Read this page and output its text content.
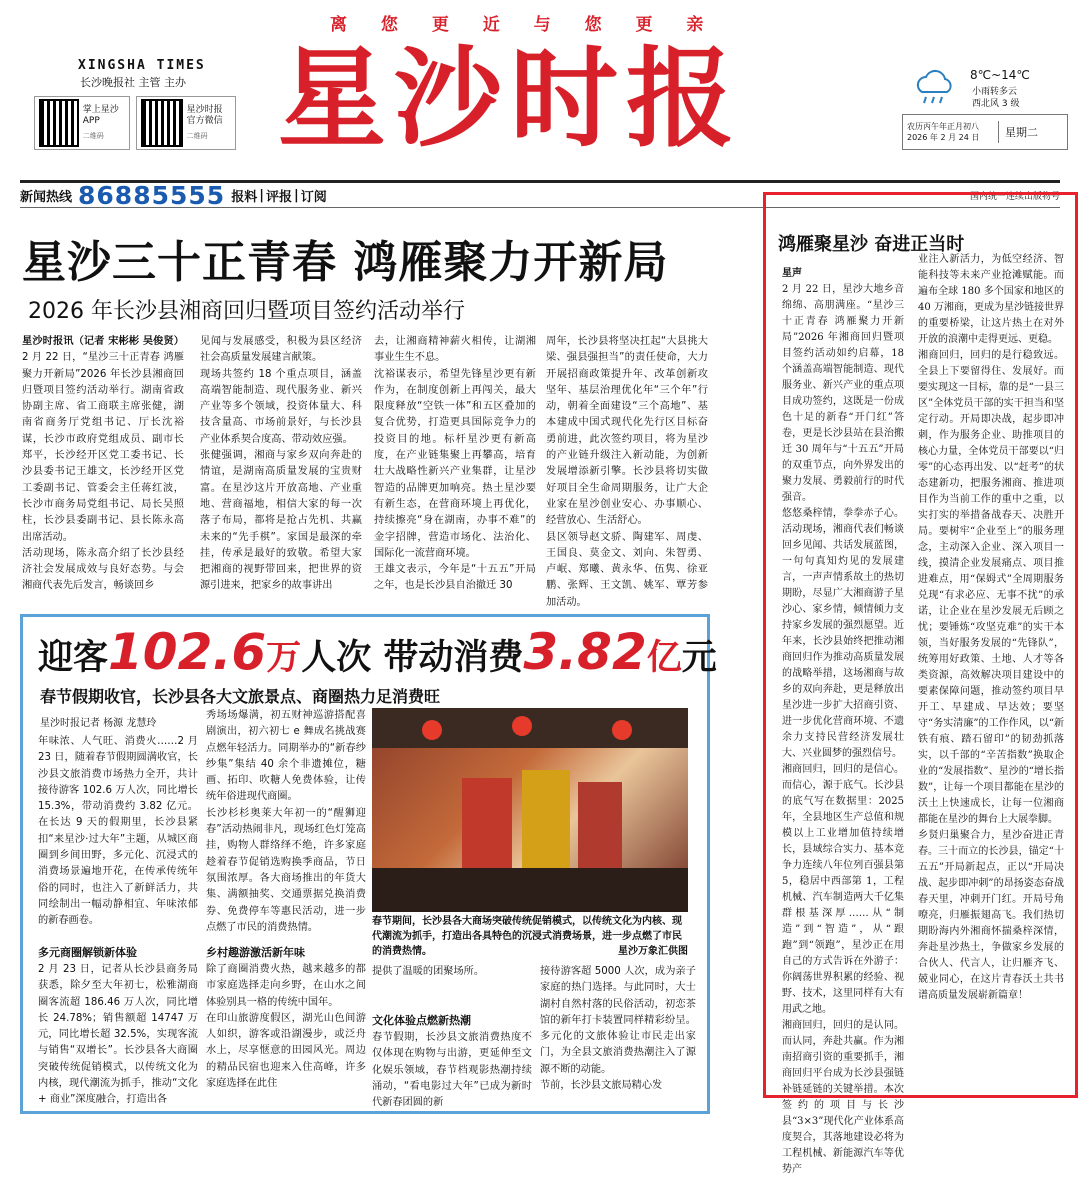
离 您 更 近 与 您 更 亲
XINGSHA TIMES
长沙晚报社 主管 主办
掌上星沙 APP
二维码
星沙时报 官方微信
二维码 星沙时报	8℃~14℃
小雨转多云
西北风 3 级
农历丙午年正月初八
2026 年 2 月 24 日	星期二
新闻热线 86885555 报料 | 评报 | 订阅	国内统一连续出版物号
星沙三十正青春 鸿雁聚力开新局
2026 年长沙县湘商回归暨项目签约活动举行
星沙时报讯（记者 宋彬彬 吴俊贤）2 月 22 日，“星沙三十正青春 鸿雁聚力开新局”2026 年长沙县湘商回归暨项目签约活动举行。湖南省政协副主席、省工商联主席张健，湖南省商务厅党组书记、厅长沈裕谋，长沙市政府党组成员、副市长郑平，长沙经开区党工委书记、长沙县委书记王雄文，长沙经开区党工委副书记、管委会主任蒋红波，长沙市商务局党组书记、局长吴照柱，长沙县委副书记、县长陈永高出席活动。
活动现场，陈永高介绍了长沙县经济社会发展成效与良好态势。与会湘商代表先后发言，畅谈回乡
见闻与发展感受，积极为县区经济社会高质量发展建言献策。
现场共签约 18 个重点项目，涵盖高端智能制造、现代服务业、新兴产业等多个领域，投资体量大、科技含量高、市场前景好，与长沙县产业体系契合度高、带动效应强。
张健强调，湘商与家乡双向奔赴的情谊，是湖南高质量发展的宝贵财富。在星沙这片开放高地、产业重地、营商福地，相信大家的每一次落子布局，都将是抢占先机、共赢未来的“先手棋”。家国是最深的牵挂，传承是最好的致敬。希望大家把湘商的视野带回来，把世界的资源引进来，把家乡的故事讲出
去，让湘商精神薪火相传，让湖湘事业生生不息。
沈裕谋表示，希望先锋星沙更有新作为，在制度创新上再闯关，最大限度释放“空铁一体”和五区叠加的复合优势，打造更具国际竞争力的投资目的地。标杆星沙更有新高度，在产业链集聚上再攀高，培育壮大战略性新兴产业集群，让星沙智造的品牌更加响亮。热土星沙要有新生态，在营商环境上再优化，持续擦亮“身在湖南，办事不难”的金字招牌，营造市场化、法治化、国际化一流营商环境。
王雄文表示，今年是“十五五”开局之年，也是长沙县自治撤迁 30
周年，长沙县将坚决扛起“大县挑大梁、强县强担当”的责任使命，大力开展招商政策提升年、改革创新攻坚年、基层治理优化年“三个年”行动，朝着全面建设“三个高地”、基本建成中国式现代化先行区目标奋勇前进，此次签约项目，将为星沙的产业链升级注入新动能，为创新发展增添新引擎。长沙县将切实做好项目全生命周期服务，让广大企业家在星沙创业安心、办事顺心、经营放心、生活舒心。
县区领导赵文骄、陶建军、周虔、王国良、莫金文、刘向、朱智勇、卢岷、郑曦、黄永华、伍隽、徐亚鹏、张辉、王文凯、姚军、覃芳参加活动。
迎客102.6万人次 带动消费3.82亿元
春节假期收官，长沙县各大文旅景点、商圈热力足消费旺
星沙时报记者 杨源 龙慧玲
年味浓、人气旺、消费火……2 月 23 日，随着春节假期圆满收官，长沙县文旅消费市场热力全开，共计接待游客 102.6 万人次，同比增长 15.3%，带动消费约 3.82 亿元。在长达 9 天的假期里，长沙县紧扣“来星沙·过大年”主题，从城区商圈到乡间田野，多元化、沉浸式的消费场景遍地开花，在传承传统年俗的同时，也注入了新鲜活力，共同绘制出一幅动静相宜、年味浓郁的新春画卷。
多元商圈解锁新体验
2 月 23 日，记者从长沙县商务局获悉，除夕至大年初七，松雅湖商圈客流超 186.46 万人次，同比增长 24.78%；销售额超 14747 万元，同比增长超 32.5%，实现客流与销售“双增长”。长沙县各大商圈突破传统促销模式，以传统文化为内核，现代潮流为抓手，推动“文化 + 商业”深度融合，打造出各
秀场场爆满，初五财神巡游搭配喜剧演出，初六初七 e 舞成名挑战赛点燃年轻活力。同期举办的“新春纱纱集”集结 40 余个非遗摊位，糖画、拓印、吹糖人免费体验，让传统年俗进现代商圈。
长沙杉杉奥莱大年初一的“醒狮迎春”活动热闹非凡，现场红色灯笼高挂，购物人群络绎不绝，许多家庭趁着春节促销选购换季商品，节日氛围浓厚。各大商场推出的年货大集、满额抽奖、交通票据兑换消费券、免费停车等惠民活动，进一步点燃了市民的消费热情。
乡村趣游激活新年味
除了商圈消费火热，越来越多的都市家庭选择走向乡野，在山水之间体验别具一格的传统中国年。
在印山旅游度假区，湖光山色间游人如织，游客或沿湖漫步，或泛舟水上，尽享惬意的田园风光。周边的精品民宿也迎来入住高峰，许多家庭选择在此住
春节期间，长沙县各大商场突破传统促销模式，以传统文化为内核、现代潮流为抓手，打造出各具特色的沉浸式消费场景，进一步点燃了市民的消费热情。	星沙万象汇供图
提供了温暖的团聚场所。
文化体验点燃新热潮
春节假期，长沙县文旅消费热度不仅体现在购物与出游，更延伸至文化娱乐领域，春节档观影热潮持续涌动，“看电影过大年”已成为新时代新春团圆的新
接待游客超 5000 人次，成为亲子家庭的热门选择。与此同时，大士湖村自然村落的民俗活动，初恋茶馆的新年打卡装置同样精彩纷呈。多元化的文旅体验让市民走出家门，为全县文旅消费热潮注入了源源不断的动能。
节前，长沙县文旅局精心发
鸿雁聚星沙 奋进正当时
星声
2 月 22 日，星沙大地乡音绵绵、高朋满座。“星沙三十正青春 鸿雁聚力开新局”2026 年湘商回归暨项目签约活动如约启幕，18 个涵盖高端智能制造、现代服务业、新兴产业的重点项目成功签约，这既是一份成色十足的新春“开门红”答卷，更是长沙县站在县治搬迁 30 周年与“十五五”开局的双重节点，向外界发出的聚力发展、勇毅前行的时代强音。
悠悠桑梓情，拳拳赤子心。活动现场，湘商代表们畅谈回乡见闻、共话发展蓝图，一句句真知灼见的发展建言，一声声情系故土的热切期盼，尽显广大湘商游子星沙心、家乡情，倾情倾力支持家乡发展的强烈愿望。近年来，长沙县始终把推动湘商回归作为推动高质量发展的战略举措，这场湘商与故乡的双向奔赴，更是释放出星沙进一步扩大招商引资、进一步优化营商环境、不遗余力支持民营经济发展壮大、兴业圆梦的强烈信号。
湘商回归，回归的是信心。而信心，源于底气。长沙县的底气写在数据里：2025 年，全县地区生产总值和规模以上工业增加值持续增长，县域综合实力、基本竞争力连续八年位列百强县第 5，稳居中西部第 1，工程机械、汽车制造两大千亿集群根基深厚……从“制造”到“智造”，从“跟跑”到“领跑”，星沙正在用自己的方式告诉在外游子：你阔荡世界积累的经验、视野、技术，这里同样有大有用武之地。
湘商回归，回归的是认同。而认同，奔赴共赢。作为湘南招商引资的重要抓手，湘商回归平台成为长沙县强链补链延链的关键举措。本次签约的项目与长沙县“3×3”现代化产业体系高度契合，其落地建设必将为工程机械、新能源汽车等优势产
业注入新活力，为低空经济、智能科技等未来产业抢滩赋能。而遍布全球 180 多个国家和地区的 40 万湘商，更成为星沙链接世界的重要桥梁，让这片热土在对外开放的浪潮中走得更远、更稳。
湘商回归，回归的是行稳致远。全县上下要留得住、发展好。而要实现这一目标，靠的是“一县三区”全体党员干部的实干担当和坚定行动。开局即决战，起步即冲刺，作为服务企业、助推项目的核心力量，全体党员干部要以“归零”的心态再出发、以“赶考”的状态建新功，把服务湘商、推进项目作为当前工作的重中之重，以实打实的举措备战春天、决胜开局。要树牢“企业至上”的服务理念，主动深入企业、深入项目一线，摸清企业发展痛点、项目推进难点，用“保姆式”全周期服务兑现“有求必应、无事不扰”的承诺，让企业在星沙发展无后顾之忧；要锤炼“攻坚克难”的实干本领，当好服务发展的“先锋队”，统筹用好政策、土地、人才等各类资源，高效解决项目建设中的要素保障问题，推动签约项目早开工、早建成、早达效；要坚守“务实清廉”的工作作风，以“新铁有痕、踏石留印”的韧劲抓落实，以千部的“辛苦指数”换取企业的“发展指数”、星沙的“增长指数”，让每一个项目都能在星沙的沃土上快速成长，让每一位湘商都能在星沙的舞台上大展拳脚。
乡贤归巢聚合力，星沙奋进正青春。三十而立的长沙县，锚定“十五五”开局新起点，正以“开局决战、起步即冲刺”的昂扬姿态奋战春天里，冲刺开门红。开局号角嘹亮，归雁振翅高飞。我们热切期盼海内外湘商怀揣桑梓深情，奔赴星沙热土，争做家乡发展的合伙人、代言人，让归雁齐飞、兢业同心，在这片青春沃土共书谱高质量发展崭新篇章！
